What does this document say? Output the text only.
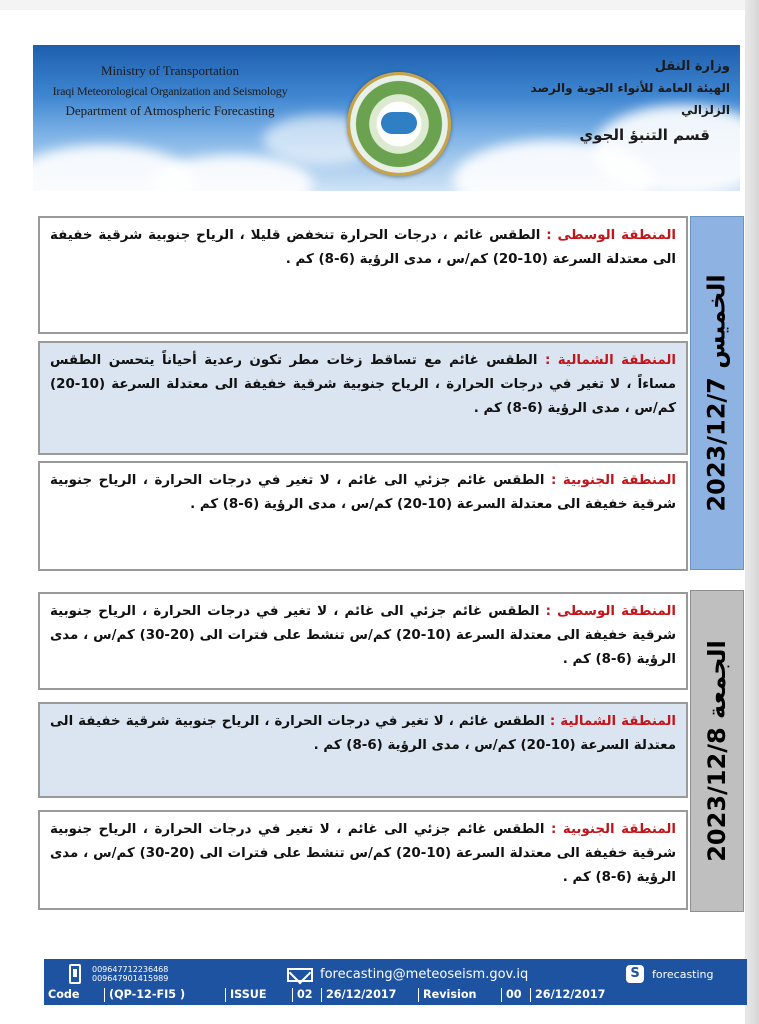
Ministry of Transportation
Iraqi Meteorological Organization and Seismology
Department of Atmospheric Forecasting
وزارة النقل
الهيئة العامة للأنواء الجوية والرصد الزلزالي
قسم التنبؤ الجوي
الخميس 2023/12/7
المنطقة الوسطى : الطقس غائم ، درجات الحرارة تنخفض قليلا ، الرياح جنوبية شرقية خفيفة الى معتدلة السرعة (10-20) كم/س ، مدى الرؤية (6-8) كم .
المنطقة الشمالية : الطقس غائم مع تساقط زخات مطر تكون رعدية أحياناً يتحسن الطقس مساءاً ، لا تغير في درجات الحرارة ، الرياح جنوبية شرقية خفيفة الى معتدلة السرعة (10-20) كم/س ، مدى الرؤية (6-8) كم .
المنطقة الجنوبية : الطقس غائم جزئي الى غائم ، لا تغير في درجات الحرارة ، الرياح جنوبية شرقية خفيفة الى معتدلة السرعة (10-20) كم/س ، مدى الرؤية (6-8) كم .
الجمعة 2023/12/8
المنطقة الوسطى : الطقس غائم جزئي الى غائم ، لا تغير في درجات الحرارة ، الرياح جنوبية شرقية خفيفة الى معتدلة السرعة (10-20) كم/س تنشط على فترات الى (20-30) كم/س ، مدى الرؤية (6-8) كم .
المنطقة الشمالية : الطقس غائم ، لا تغير في درجات الحرارة ، الرياح جنوبية شرقية خفيفة الى معتدلة السرعة (10-20) كم/س ، مدى الرؤية (6-8) كم .
المنطقة الجنوبية : الطقس غائم جزئي الى غائم ، لا تغير في درجات الحرارة ، الرياح جنوبية شرقية خفيفة الى معتدلة السرعة (10-20) كم/س تنشط على فترات الى (20-30) كم/س ، مدى الرؤية (6-8) كم .
009647712236468
009647901415989	forecasting@meteoseism.gov.iq	S	forecasting
Code	(QP-12-FI5 )	ISSUE	02	26/12/2017	Revision	00	26/12/2017
